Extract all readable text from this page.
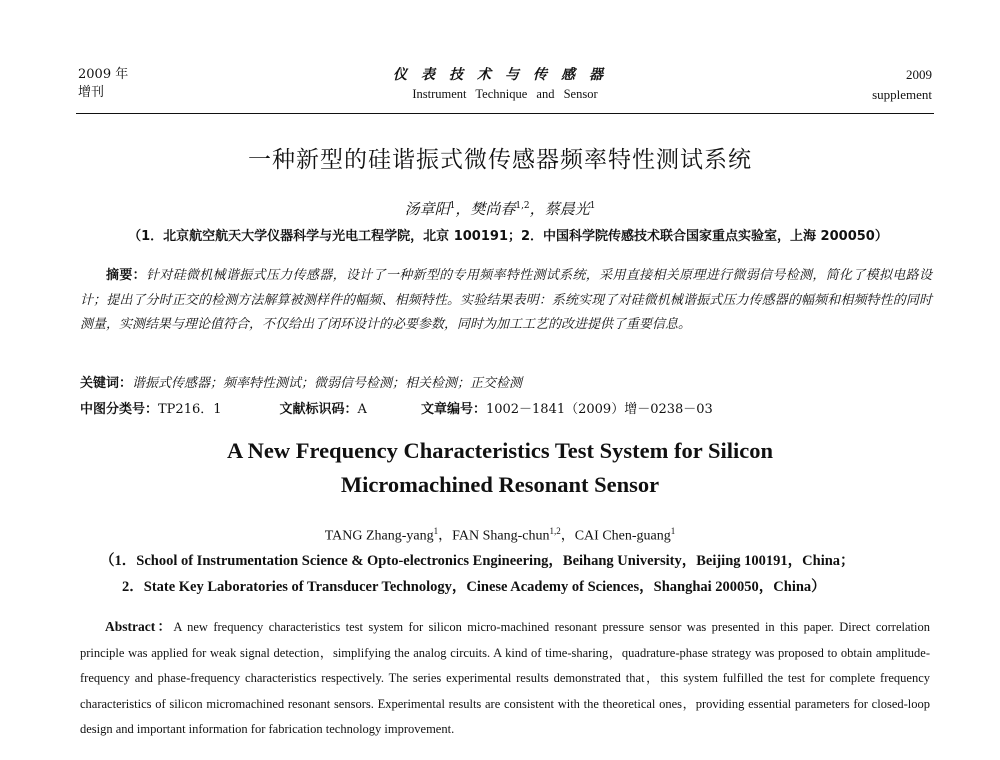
2009 年
增刊
仪表技术与传感器
Instrument Technique and Sensor
2009
supplement
一种新型的硅谐振式微传感器频率特性测试系统
汤章阳$^1$，樊尚春$^{1,2}$，蔡晨光$^1$
（1．北京航空航天大学仪器科学与光电工程学院，北京 100191；2．中国科学院传感技术联合国家重点实验室，上海 200050）
摘要：针对硅微机械谐振式压力传感器，设计了一种新型的专用频率特性测试系统，采用直接相关原理进行微弱信号检测，简化了模拟电路设计；提出了分时正交的检测方法解算被测样件的幅频、相频特性。实验结果表明：系统实现了对硅微机械谐振式压力传感器的幅频和相频特性的同时测量，实测结果与理论值符合，不仅给出了闭环设计的必要参数，同时为加工工艺的改进提供了重要信息。
关键词：谐振式传感器；频率特性测试；微弱信号检测；相关检测；正交检测
中图分类号：TP216．1	文献标识码：A	文章编号：1002－1841（2009）增－0238－03
A New Frequency Characteristics Test System for Silicon
Micromachined Resonant Sensor
TANG Zhang-yang$^1$，FAN Shang-chun$^{1,2}$，CAI Chen-guang$^1$
（1．School of Instrumentation Science & Opto-electronics Engineering，Beihang University，Beijing 100191，China；
2．State Key Laboratories of Transducer Technology，Cinese Academy of Sciences，Shanghai 200050，China）
Abstract：A new frequency characteristics test system for silicon micro-machined resonant pressure sensor was presented in this paper. Direct correlation principle was applied for weak signal detection，simplifying the analog circuits. A kind of time-sharing，quadrature-phase strategy was proposed to obtain amplitude-frequency and phase-frequency characteristics respectively. The series experimental results demonstrated that，this system fulfilled the test for complete frequency characteristics of silicon micromachined resonant sensors. Experimental results are consistent with the theoretical ones，providing essential parameters for closed-loop design and important information for fabrication technology improvement.
